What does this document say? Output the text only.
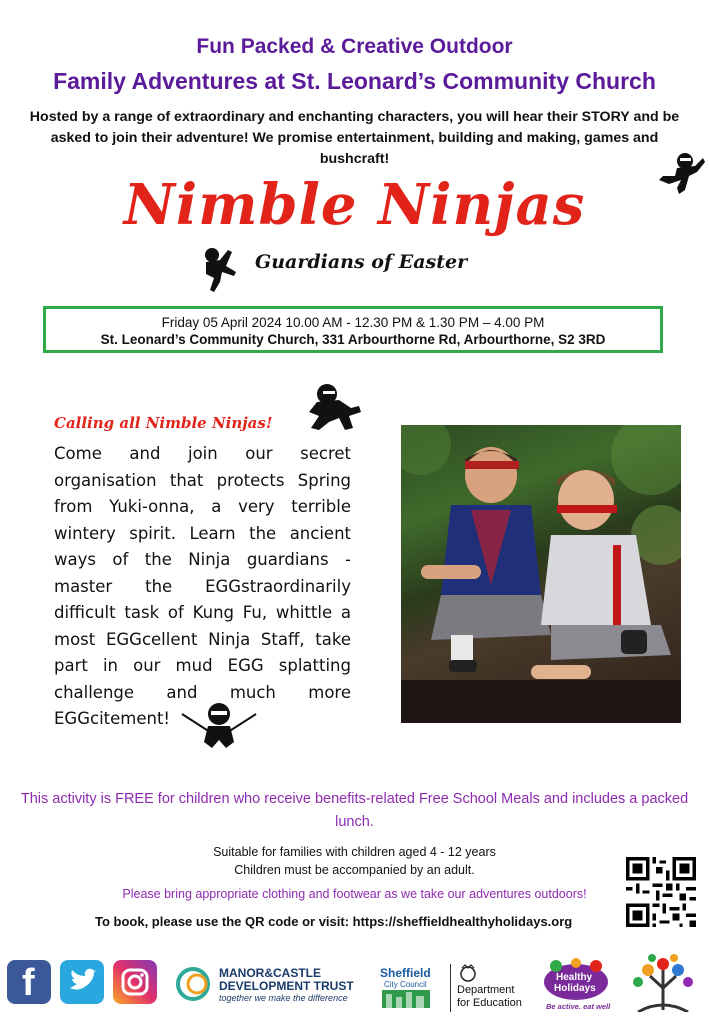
Fun Packed & Creative Outdoor
Family Adventures at St. Leonard’s Community Church
Hosted by a range of extraordinary and enchanting characters, you will hear their STORY and be asked to join their adventure! We promise entertainment, building and making, games and bushcraft!
Nimble Ninjas
Guardians of Easter
Friday 05 April 2024 10.00 AM - 12.30 PM & 1.30 PM – 4.00 PM
St. Leonard’s Community Church, 331 Arbourthorne Rd, Arbourthorne, S2 3RD
Calling all Nimble Ninjas!
Come and join our secret organisation that protects Spring from Yuki-onna, a very terrible wintery spirit. Learn the ancient ways of the Ninja guardians - master the EGGstraordinarily difficult task of Kung Fu, whittle a most EGGcellent Ninja Staff, take part in our mud EGG splatting challenge and much more EGGcitement!
This activity is FREE for children who receive benefits-related Free School Meals and includes a packed lunch.
Suitable for families with children aged 4 - 12 years
Children must be accompanied by an adult.
Please bring appropriate clothing and footwear as we take our adventures outdoors!
To book, please use the QR code or visit: https://sheffieldhealthyholidays.org
f	MANOR&CASTLE
DEVELOPMENT TRUST
together we make the difference
Sheffield
City Council	Department
for Education
Healthy
Holidays
Be active. eat well
